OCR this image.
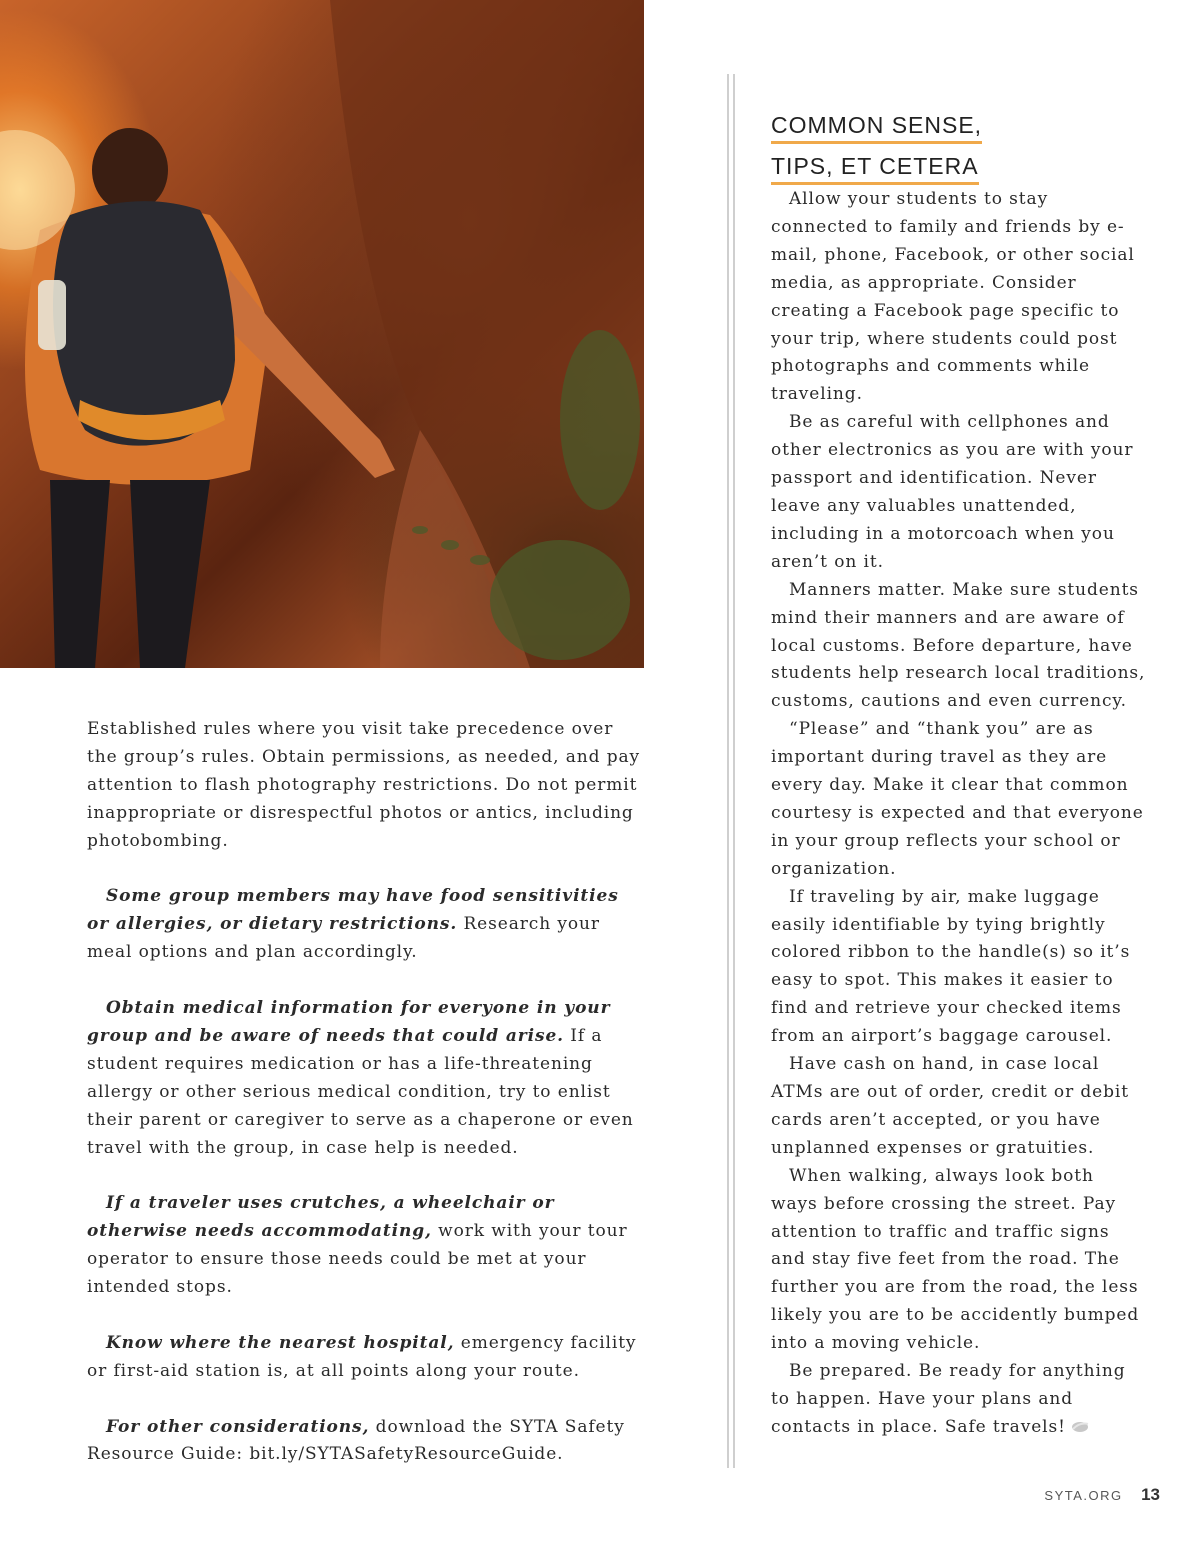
Established rules where you visit take precedence over the group’s rules. Obtain permissions, as needed, and pay attention to flash photography restrictions. Do not permit inappropriate or disrespectful photos or antics, including photobombing.

Some group members may have food sensitivities or allergies, or dietary restrictions. Research your meal options and plan accordingly.

Obtain medical information for everyone in your group and be aware of needs that could arise. If a student requires medication or has a life-threatening allergy or other serious medical condition, try to enlist their parent or caregiver to serve as a chaperone or even travel with the group, in case help is needed.

If a traveler uses crutches, a wheelchair or otherwise needs accommodating, work with your tour operator to ensure those needs could be met at your intended stops.

Know where the nearest hospital, emergency facility or first-aid station is, at all points along your route.

For other considerations, download the SYTA Safety Resource Guide: bit.ly/SYTASafetyResourceGuide.

COMMON SENSE,
TIPS, ET CETERA

Allow your students to stay connected to family and friends by e-mail, phone, Facebook, or other social media, as appropriate. Consider creating a Facebook page specific to your trip, where students could post photographs and comments while traveling.

Be as careful with cellphones and other electronics as you are with your passport and identification. Never leave any valuables unattended, including in a motorcoach when you aren’t on it.

Manners matter. Make sure students mind their manners and are aware of local customs. Before departure, have students help research local traditions, customs, cautions and even currency.

“Please” and “thank you” are as important during travel as they are every day. Make it clear that common courtesy is expected and that everyone in your group reflects your school or organization.

If traveling by air, make luggage easily identifiable by tying brightly colored ribbon to the handle(s) so it’s easy to spot. This makes it easier to find and retrieve your checked items from an airport’s baggage carousel.

Have cash on hand, in case local ATMs are out of order, credit or debit cards aren’t accepted, or you have unplanned expenses or gratuities.

When walking, always look both ways before crossing the street. Pay attention to traffic and traffic signs and stay five feet from the road. The further you are from the road, the less likely you are to be accidently bumped into a moving vehicle.

Be prepared. Be ready for anything to happen. Have your plans and contacts in place. Safe travels!

SYTA.ORG 13
